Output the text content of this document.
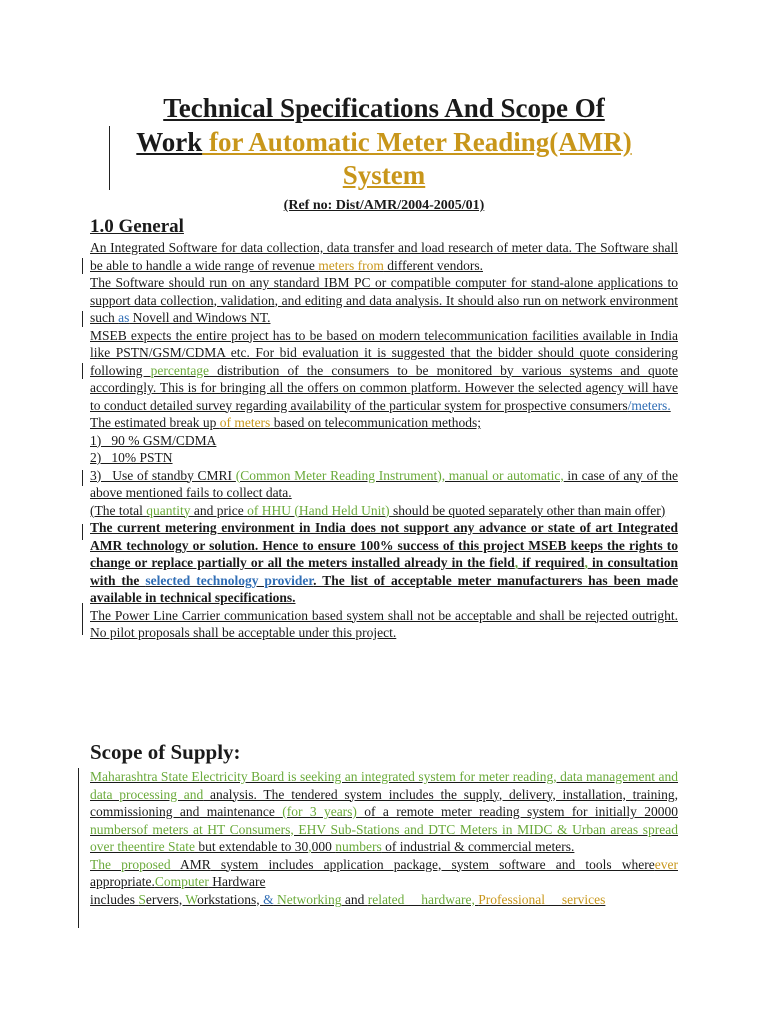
Technical Specifications And Scope Of
Work for Automatic Meter Reading(AMR)
System
(Ref no: Dist/AMR/2004-2005/01)
1.0 General
An Integrated Software for data collection, data transfer and load research of meter data. The Software shall be able to handle a wide range of revenue meters from different vendors.
The Software should run on any standard IBM PC or compatible computer for stand-alone applications to support data collection, validation, and editing and data analysis. It should also run on network environment such as Novell and Windows NT.
MSEB expects the entire project has to be based on modern telecommunication facilities available in India like PSTN/GSM/CDMA etc. For bid evaluation it is suggested that the bidder should quote considering following percentage distribution of the consumers to be monitored by various systems and quote accordingly. This is for bringing all the offers on common platform. However the selected agency will have to conduct detailed survey regarding availability of the particular system for prospective consumers/meters.
The estimated break up of meters based on telecommunication methods;
1)   90 % GSM/CDMA
2)   10% PSTN
3)   Use of standby CMRI (Common Meter Reading Instrument), manual or automatic, in case of any of the above mentioned fails to collect data.
(The total quantity and price of HHU (Hand Held Unit) should be quoted separately other than main offer)
The current metering environment in India does not support any advance or state of art Integrated AMR technology or solution. Hence to ensure 100% success of this project MSEB keeps the rights to change or replace partially or all the meters installed already in the field, if required, in consultation with the selected technology provider. The list of acceptable meter manufacturers has been made available in technical specifications.
The Power Line Carrier communication based system shall not be acceptable and shall be rejected outright. No pilot proposals shall be acceptable under this project.
Scope of Supply:
Maharashtra State Electricity Board is seeking an integrated system for meter reading, data management and data processing and analysis. The tendered system includes the supply, delivery, installation, training, commissioning and maintenance (for 3 years) of a remote meter reading system for initially 20000 numbersof meters at HT Consumers, EHV Sub-Stations and DTC Meters in MIDC & Urban areas spread over theentire State but extendable to 30,000 numbers of industrial & commercial meters.
The proposed AMR system includes application package, system software and tools whereever appropriate.Computer Hardware
includes Servers, Workstations, & Networking and related     hardware, Professional     services
